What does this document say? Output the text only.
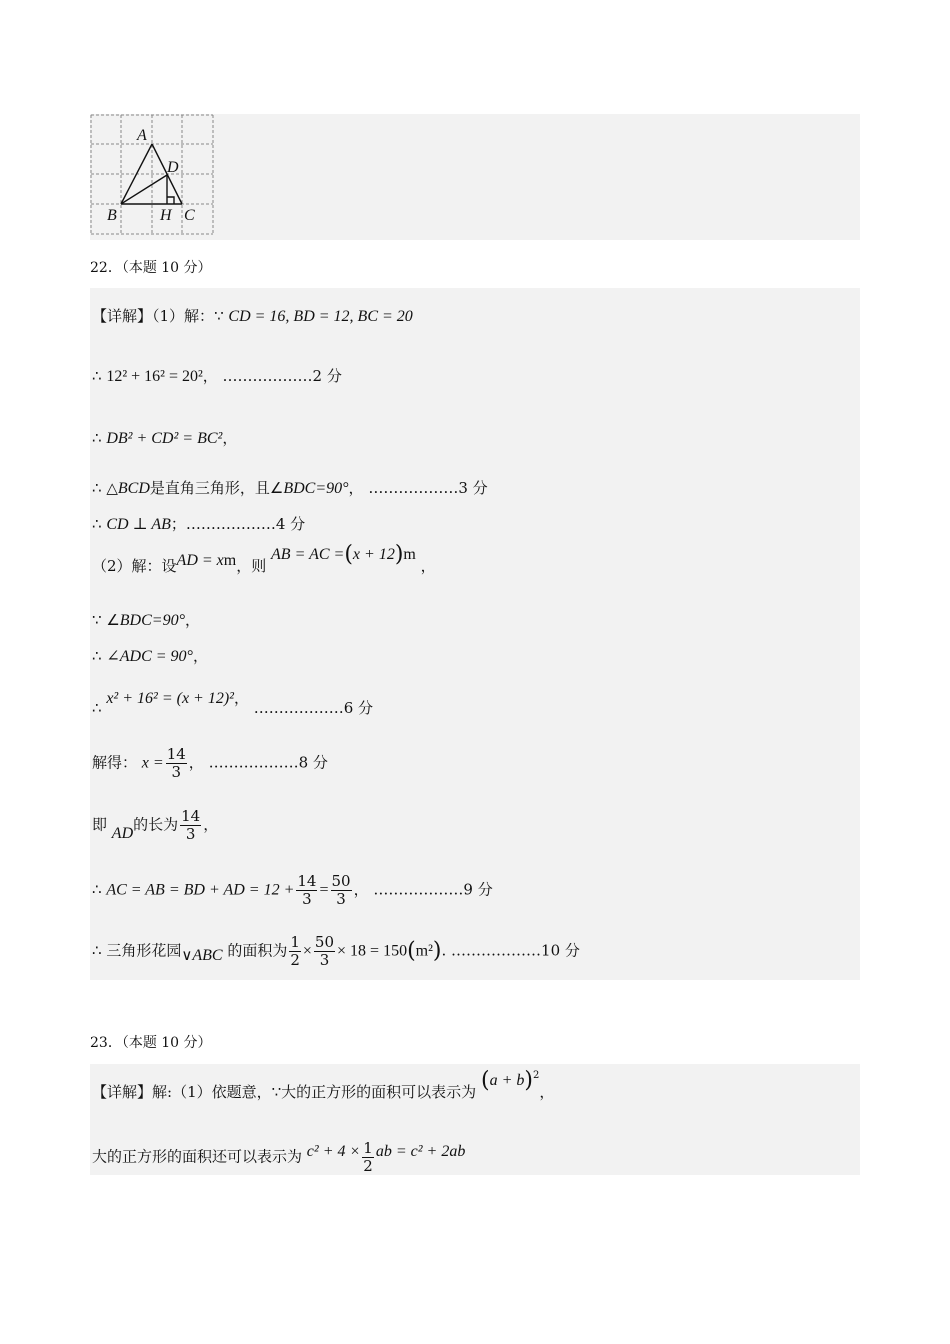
A
D
B	H C
22．（本题 10 分）
【详解】（1）解：∵ CD = 16, BD = 12, BC = 20
∴ 12² + 16² = 20²， ………………2 分
∴ DB² + CD² = BC²，
∴ △BCD是直角三角形，且∠BDC=90°， ………………3 分
∴ CD ⊥ AB；………………4 分
（2）解：设AD = xm，则 AB = AC =(x + 12)m ，
∵ ∠BDC=90°，
∴ ∠ADC = 90°，
∴ x² + 16² = (x + 12)²， ………………6 分
解得： $x = \frac{14}{3}$ ， ………………8 分
即 AD的长为 $\frac{14}{3}$ ，
∴ AC = AB = BD + AD = $12 + \frac{14}{3} = \frac{50}{3}$ ， ………………9 分
∴ 三角形花园∨ABC 的面积为 $\frac{1}{2} \times \frac{50}{3} \times 18 = 150(m^2)$. ………………10 分
23．（本题 10 分）
【详解】解:（1）依题意，∵大的正方形的面积可以表示为 $(a + b)^2$，
大的正方形的面积还可以表示为 $c^2 + 4 \times \frac{1}{2}$ ab = c² + 2ab
